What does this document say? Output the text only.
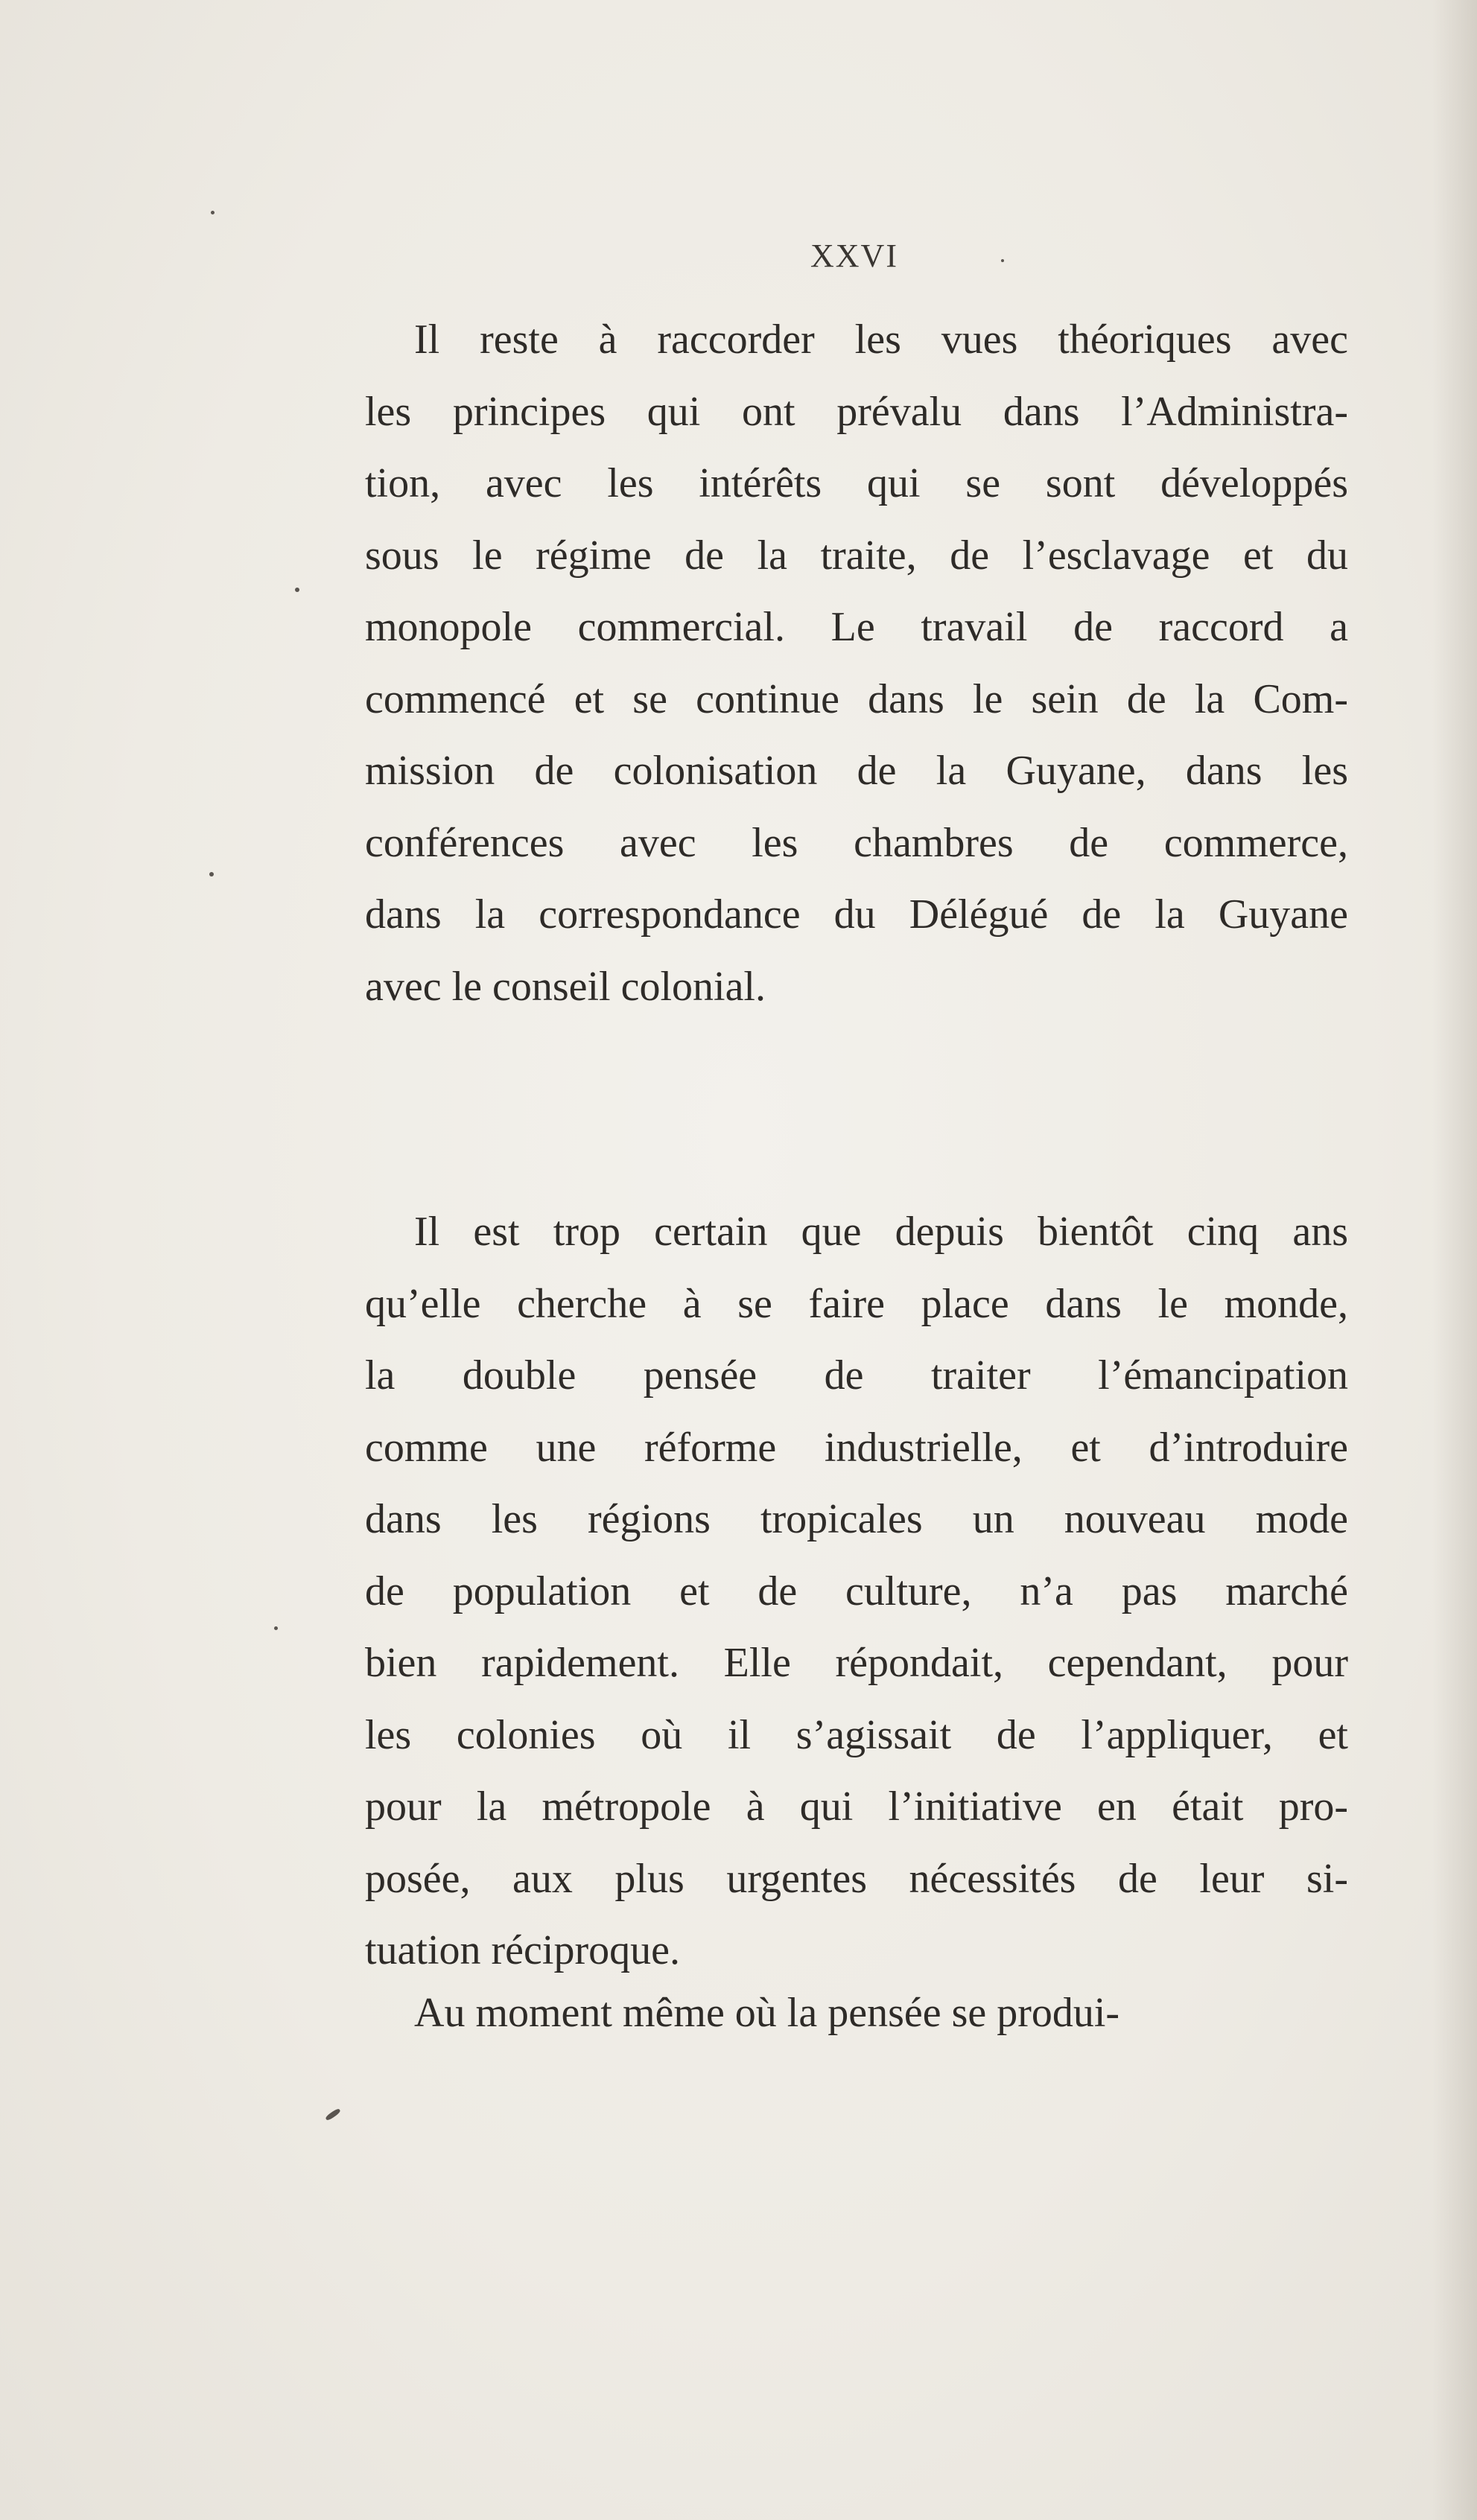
XXVI
Il reste à raccorder les vues théoriques avec
les principes qui ont prévalu dans l’Administra-
tion, avec les intérêts qui se sont développés
sous le régime de la traite, de l’esclavage et du
monopole commercial. Le travail de raccord a
commencé et se continue dans le sein de la Com-
mission de colonisation de la Guyane, dans les
conférences avec les chambres de commerce,
dans la correspondance du Délégué de la Guyane
avec le conseil colonial.
Il est trop certain que depuis bientôt cinq ans
qu’elle cherche à se faire place dans le monde,
la double pensée de traiter l’émancipation
comme une réforme industrielle, et d’introduire
dans les régions tropicales un nouveau mode
de population et de culture, n’a pas marché
bien rapidement. Elle répondait, cependant, pour
les colonies où il s’agissait de l’appliquer, et
pour la métropole à qui l’initiative en était pro-
posée, aux plus urgentes nécessités de leur si-
tuation réciproque.
Au moment même où la pensée se produi-
